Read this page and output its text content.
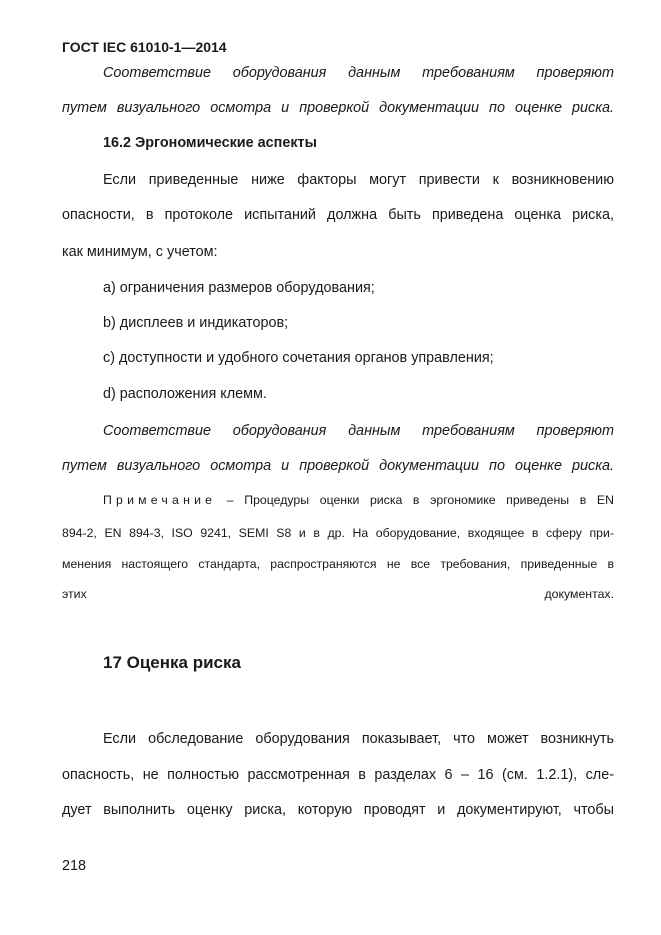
ГОСТ IEC 61010-1—2014
Соответствие оборудования данным требованиям проверяют
путем визуального осмотра и проверкой документации по оценке риска.
16.2 Эргономические аспекты
Если приведенные ниже факторы могут привести к возникновению
опасности, в протоколе испытаний должна быть приведена оценка риска,
как минимум, с учетом:
а) ограничения размеров оборудования;
b) дисплеев и индикаторов;
с) доступности и удобного сочетания органов управления;
d) расположения клемм.
Соответствие оборудования данным требованиям проверяют
путем визуального осмотра и проверкой документации по оценке риска.
Примечание – Процедуры оценки риска в эргономике приведены в EN
894-2, EN 894-3, ISO 9241, SEMI S8 и в др. На оборудование, входящее в сферу при-
менения настоящего стандарта, распространяются не все требования, приведенные в
этих документах.
17 Оценка риска
Если обследование оборудования показывает, что может возникнуть
опасность, не полностью рассмотренная в разделах 6 – 16 (см. 1.2.1), сле-
дует выполнить оценку риска, которую проводят и документируют, чтобы
218
